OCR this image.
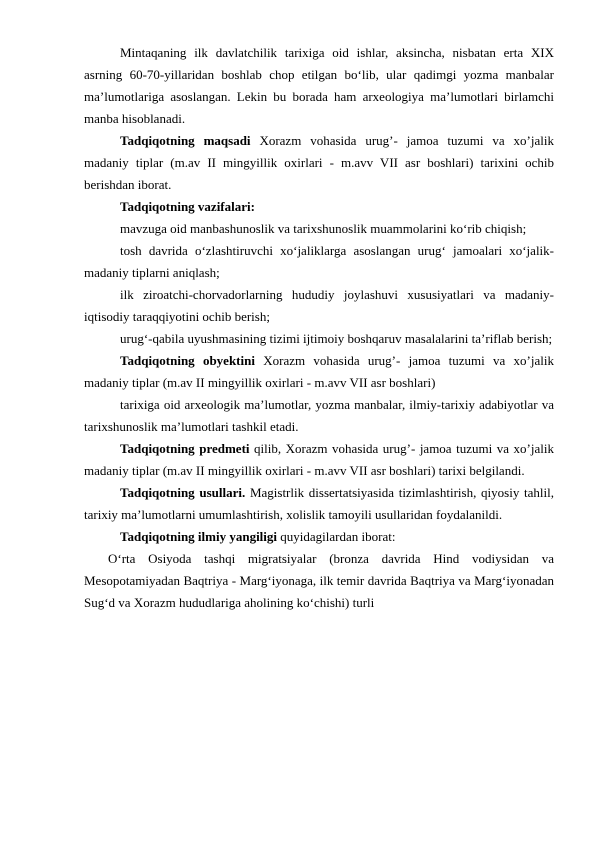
Mintaqaning ilk davlatchilik tarixiga oid ishlar, aksincha, nisbatan erta XIX asrning 60-70-yillaridan boshlab chop etilgan bo‘lib, ular qadimgi yozma manbalar ma’lumotlariga asoslangan. Lekin bu borada ham arxeologiya ma’lumotlari birlamchi manba hisoblanadi.

Tadqiqotning maqsadi Xorazm vohasida urug’- jamoa tuzumi va xo’jalik madaniy tiplar (m.av II mingyillik oxirlari - m.avv VII asr boshlari) tarixini ochib berishdan iborat.

Tadqiqotning vazifalari:

mavzuga oid manbashunoslik va tarixshunoslik muammolarini ko‘rib chiqish;

tosh davrida o‘zlashtiruvchi xo‘jaliklarga asoslangan urug‘ jamoalari xo‘jalik-madaniy tiplarni aniqlash;

ilk ziroatchi-chorvadorlarning hududiy joylashuvi xususiyatlari va madaniy-iqtisodiy taraqqiyotini ochib berish;

urug‘-qabila uyushmasining tizimi ijtimoiy boshqaruv masalalarini ta’riflab berish;

Tadqiqotning obyektini Xorazm vohasida urug’- jamoa tuzumi va xo’jalik madaniy tiplar (m.av II mingyillik oxirlari - m.avv VII asr boshlari)

tarixiga oid arxeologik ma’lumotlar, yozma manbalar, ilmiy-tarixiy adabiyotlar va tarixshunoslik ma’lumotlari tashkil etadi.

Tadqiqotning predmeti qilib, Xorazm vohasida urug’- jamoa tuzumi va xo’jalik madaniy tiplar (m.av II mingyillik oxirlari - m.avv VII asr boshlari) tarixi belgilandi.

Tadqiqotning usullari. Magistrlik dissertatsiyasida tizimlashtirish, qiyosiy tahlil, tarixiy ma’lumotlarni umumlashtirish, xolislik tamoyili usullaridan foydalanildi.

Tadqiqotning ilmiy yangiligi quyidagilardan iborat:

O‘rta Osiyoda tashqi migratsiyalar (bronza davrida Hind vodiysidan va Mesopotamiyadan Baqtriya - Marg‘iyonaga, ilk temir davrida Baqtriya va Marg‘iyonadan Sug‘d va Xorazm hududlariga aholining ko‘chishi) turli
